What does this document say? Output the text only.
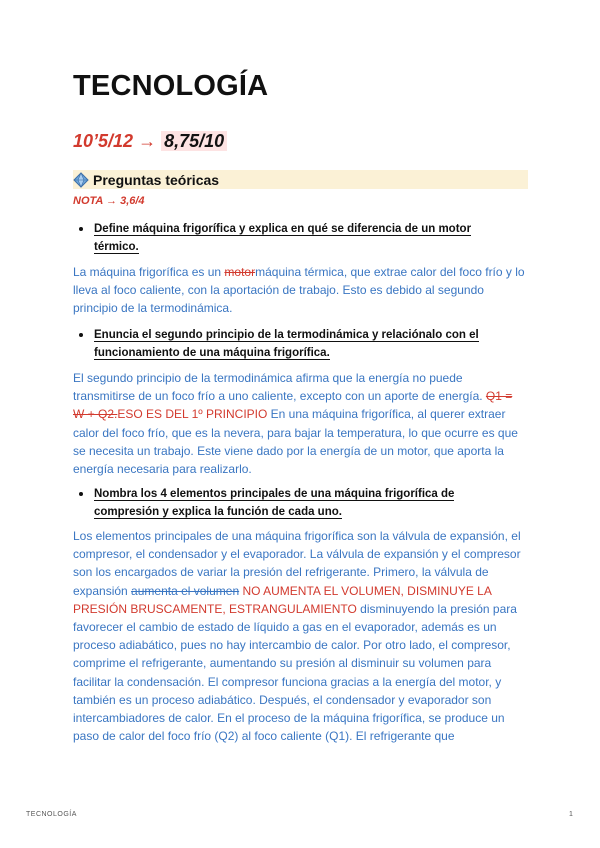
TECNOLOGÍA
10’5/12 → 8,75/10
Preguntas teóricas
NOTA → 3,6/4
Define máquina frigorífica y explica en qué se diferencia de un motor térmico.
La máquina frigorífica es un motormáquina térmica, que extrae calor del foco frío y lo lleva al foco caliente, con la aportación de trabajo. Esto es debido al segundo principio de la termodinámica.
Enuncia el segundo principio de la termodinámica y relaciónalo con el funcionamiento de una máquina frigorífica.
El segundo principio de la termodinámica afirma que la energía no puede transmitirse de un foco frío a uno caliente, excepto con un aporte de energía. Q1 = W + Q2.ESO ES DEL 1º PRINCIPIO En una máquina frigorífica, al querer extraer calor del foco frío, que es la nevera, para bajar la temperatura, lo que ocurre es que se necesita un trabajo. Este viene dado por la energía de un motor, que aporta la energía necesaria para realizarlo.
Nombra los 4 elementos principales de una máquina frigorífica de compresión y explica la función de cada uno.
Los elementos principales de una máquina frigorífica son la válvula de expansión, el compresor, el condensador y el evaporador. La válvula de expansión y el compresor son los encargados de variar la presión del refrigerante. Primero, la válvula de expansión aumenta el volumen NO AUMENTA EL VOLUMEN, DISMINUYE LA PRESIÓN BRUSCAMENTE, ESTRANGULAMIENTO disminuyendo la presión para favorecer el cambio de estado de líquido a gas en el evaporador, además es un proceso adiabático, pues no hay intercambio de calor. Por otro lado, el compresor, comprime el refrigerante, aumentando su presión al disminuir su volumen para facilitar la condensación. El compresor funciona gracias a la energía del motor, y también es un proceso adiabático. Después, el condensador y evaporador son intercambiadores de calor. En el proceso de la máquina frigorífica, se produce un paso de calor del foco frío (Q2) al foco caliente (Q1). El refrigerante que
TECNOLOGÍA	1
